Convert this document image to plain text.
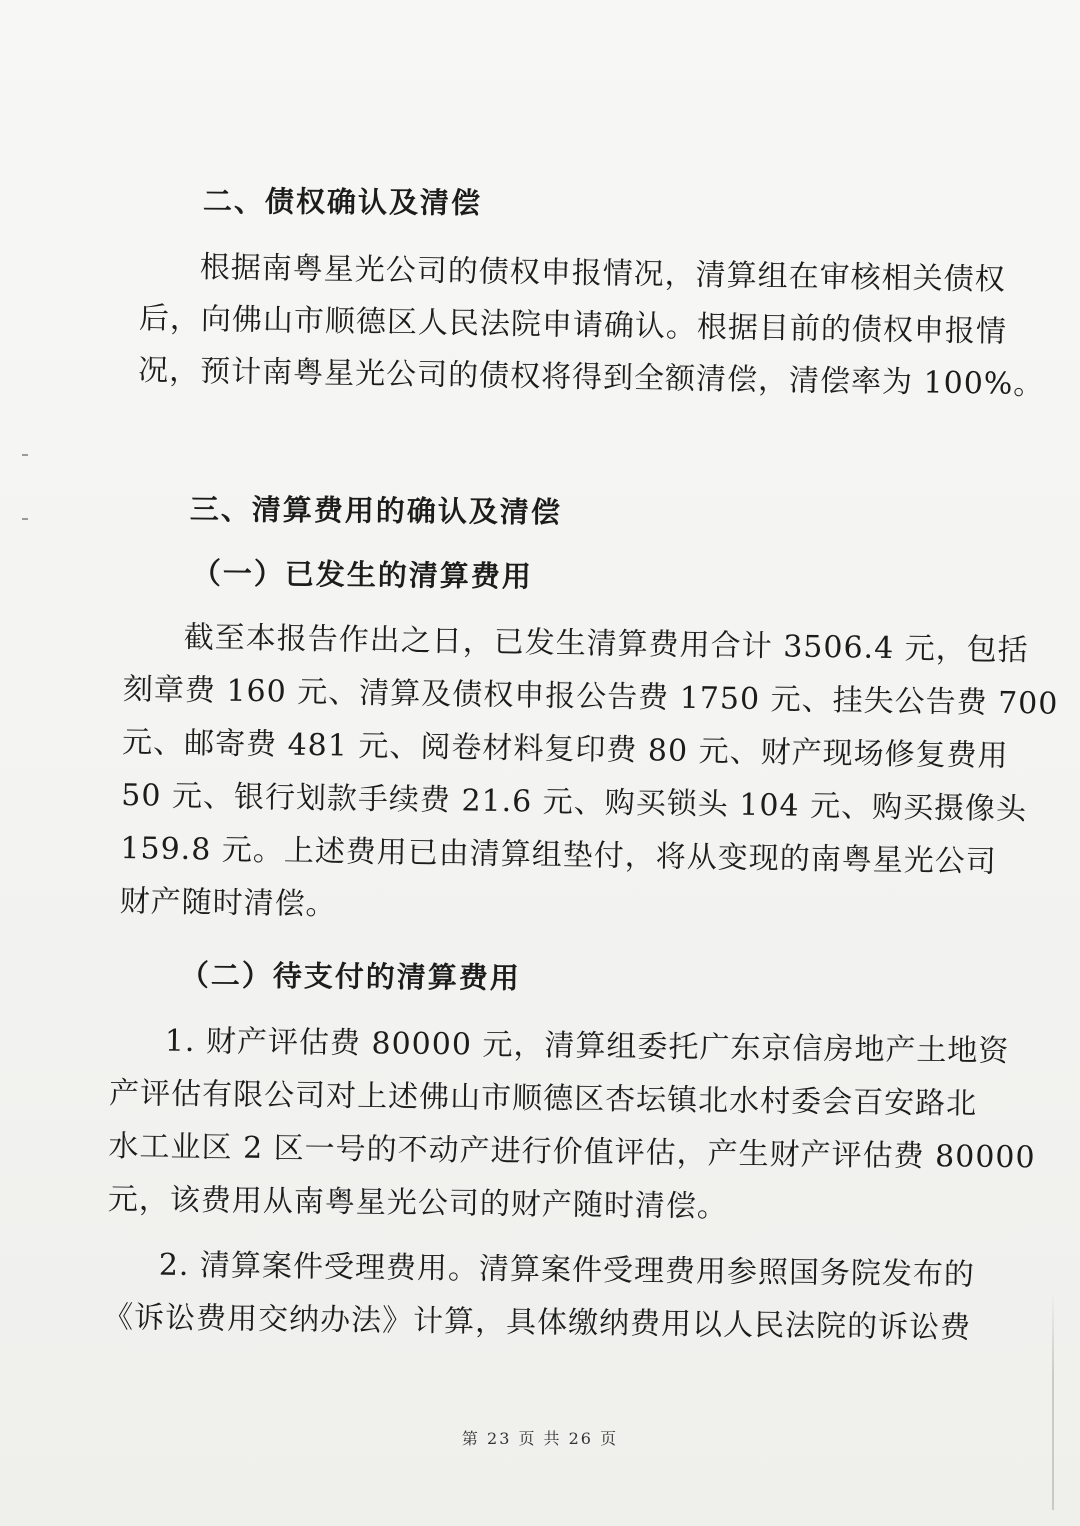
二、债权确认及清偿
根据南粤星光公司的债权申报情况，清算组在审核相关债权
后，向佛山市顺德区人民法院申请确认。根据目前的债权申报情
况，预计南粤星光公司的债权将得到全额清偿，清偿率为 100%。
三、清算费用的确认及清偿
（一）已发生的清算费用
截至本报告作出之日，已发生清算费用合计 3506.4 元，包括
刻章费 160 元、清算及债权申报公告费 1750 元、挂失公告费 700
元、邮寄费 481 元、阅卷材料复印费 80 元、财产现场修复费用
50 元、银行划款手续费 21.6 元、购买锁头 104 元、购买摄像头
159.8 元。上述费用已由清算组垫付，将从变现的南粤星光公司
财产随时清偿。
（二）待支付的清算费用
1. 财产评估费 80000 元，清算组委托广东京信房地产土地资
产评估有限公司对上述佛山市顺德区杏坛镇北水村委会百安路北
水工业区 2 区一号的不动产进行价值评估，产生财产评估费 80000
元，该费用从南粤星光公司的财产随时清偿。
2. 清算案件受理费用。清算案件受理费用参照国务院发布的
《诉讼费用交纳办法》计算，具体缴纳费用以人民法院的诉讼费
第 23 页 共 26 页
